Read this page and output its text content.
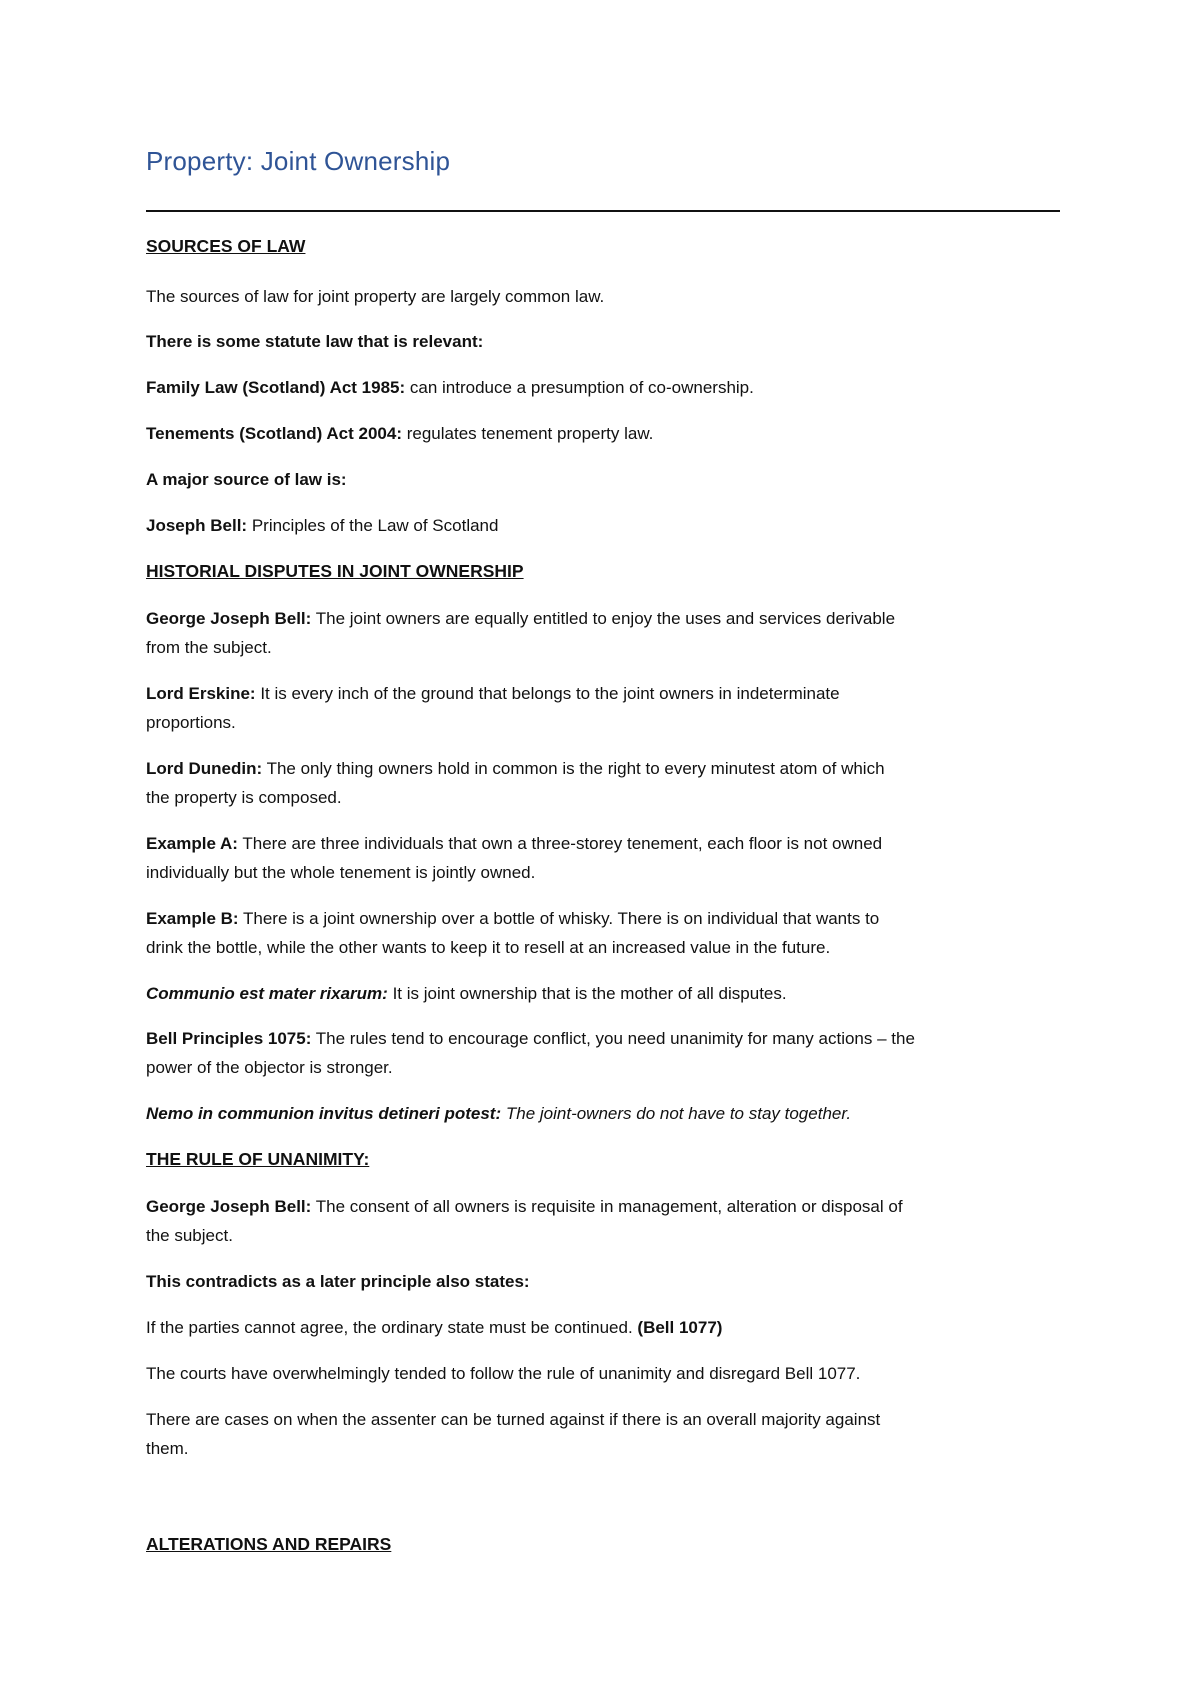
Property: Joint Ownership

SOURCES OF LAW

The sources of law for joint property are largely common law.

There is some statute law that is relevant:

Family Law (Scotland) Act 1985: can introduce a presumption of co-ownership.

Tenements (Scotland) Act 2004: regulates tenement property law.

A major source of law is:

Joseph Bell: Principles of the Law of Scotland

HISTORIAL DISPUTES IN JOINT OWNERSHIP

George Joseph Bell: The joint owners are equally entitled to enjoy the uses and services derivable

from the subject.

Lord Erskine: It is every inch of the ground that belongs to the joint owners in indeterminate

proportions.

Lord Dunedin: The only thing owners hold in common is the right to every minutest atom of which

the property is composed.

Example A: There are three individuals that own a three-storey tenement, each floor is not owned

individually but the whole tenement is jointly owned.

Example B: There is a joint ownership over a bottle of whisky. There is on individual that wants to

drink the bottle, while the other wants to keep it to resell at an increased value in the future.

Communio est mater rixarum: It is joint ownership that is the mother of all disputes.

Bell Principles 1075: The rules tend to encourage conflict, you need unanimity for many actions – the

power of the objector is stronger.

Nemo in communion invitus detineri potest: The joint-owners do not have to stay together.

THE RULE OF UNANIMITY:

George Joseph Bell: The consent of all owners is requisite in management, alteration or disposal of

the subject.

This contradicts as a later principle also states:

If the parties cannot agree, the ordinary state must be continued. (Bell 1077)

The courts have overwhelmingly tended to follow the rule of unanimity and disregard Bell 1077.

There are cases on when the assenter can be turned against if there is an overall majority against

them.

ALTERATIONS AND REPAIRS
